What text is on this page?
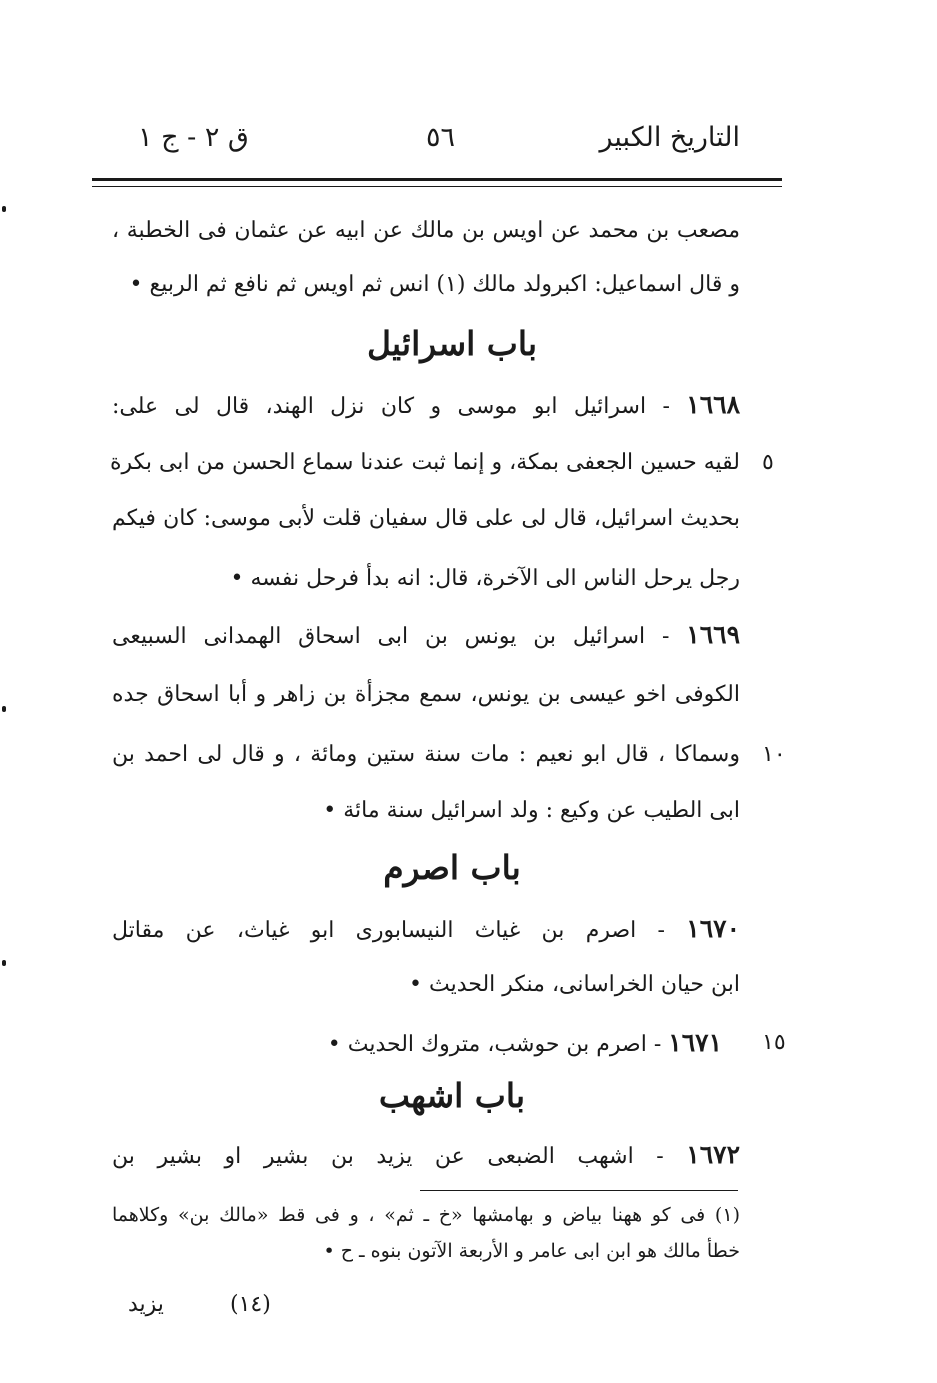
التاريخ الكبير
٥٦
ق ٢ - ج ١
مصعب بن محمد عن اويس بن مالك عن ابيه عن عثمان فى الخطبة ،
و قال اسماعيل: اكبرولد مالك (١) انس ثم اويس ثم نافع ثم الربيع •
باب اسرائيل
١٦٦٨ - اسرائيل ابو موسى و كان نزل الهند، قال لى على:
٥
لقيه حسين الجعفى بمكة، و إنما ثبت عندنا سماع الحسن من ابى بكرة
بحديث اسرائيل، قال لى على قال سفيان قلت لأبى موسى: كان فيكم
رجل يرحل الناس الى الآخرة، قال: انه بدأ فرحل نفسه •
١٦٦٩ - اسرائيل بن يونس بن ابى اسحاق الهمدانى السبيعى
الكوفى اخو عيسى بن يونس، سمع مجزأة بن زاهر و أبا اسحاق جده
١٠
وسماكا ، قال ابو نعيم : مات سنة ستين ومائة ، و قال لى احمد بن
ابى الطيب عن وكيع : ولد اسرائيل سنة مائة •
باب اصرم
١٦٧٠ - اصرم بن غياث النيسابورى ابو غياث، عن مقاتل
ابن حيان الخراسانى، منكر الحديث •
١٥
١٦٧١ - اصرم بن حوشب، متروك الحديث •
باب اشهب
١٦٧٢ - اشهب الضبعى عن يزيد بن بشير او بشير بن
(١) فى كو ههنا بياض و بهامشها «خ ـ ثم» ، و فى قط «مالك بن» وكلاهما
خطأ مالك هو ابن ابى عامر و الأربعة الآتون بنوه ـ ح •
(١٤)
يزيد
